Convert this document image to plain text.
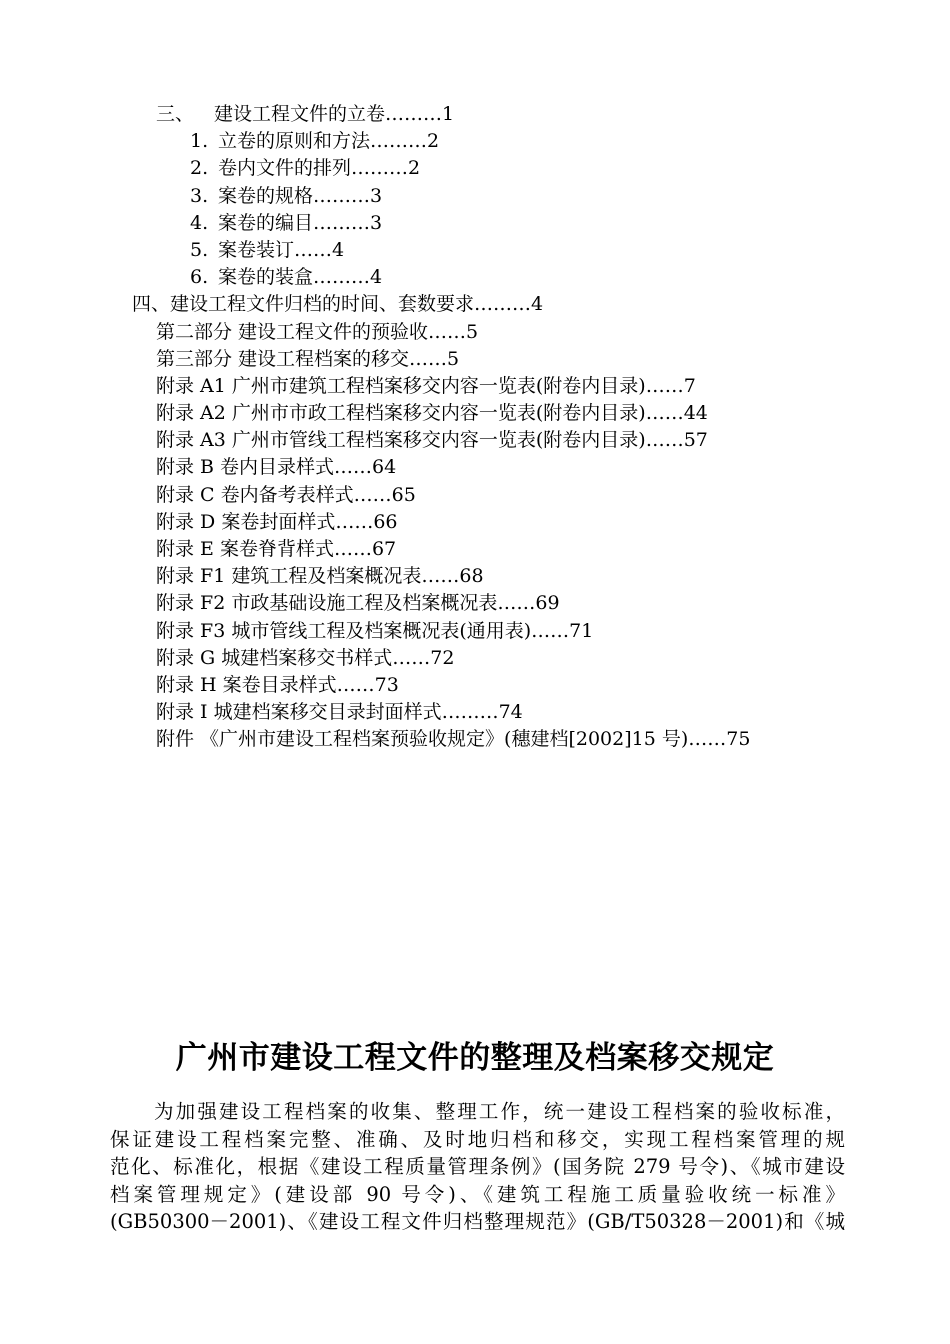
三、 建设工程文件的立卷………1
1. 立卷的原则和方法………2
2. 卷内文件的排列………2
3. 案卷的规格………3
4. 案卷的编目………3
5. 案卷装订……4
6. 案卷的装盒………4
四、建设工程文件归档的时间、套数要求………4
第二部分 建设工程文件的预验收……5
第三部分 建设工程档案的移交……5
附录 A1 广州市建筑工程档案移交内容一览表(附卷内目录)……7
附录 A2 广州市市政工程档案移交内容一览表(附卷内目录)……44
附录 A3 广州市管线工程档案移交内容一览表(附卷内目录)……57
附录 B 卷内目录样式……64
附录 C 卷内备考表样式……65
附录 D 案卷封面样式……66
附录 E 案卷脊背样式……67
附录 F1 建筑工程及档案概况表……68
附录 F2 市政基础设施工程及档案概况表……69
附录 F3 城市管线工程及档案概况表(通用表)……71
附录 G 城建档案移交书样式……72
附录 H 案卷目录样式……73
附录 I 城建档案移交目录封面样式………74
附件 《广州市建设工程档案预验收规定》(穗建档[2002]15 号)……75
广州市建设工程文件的整理及档案移交规定
为加强建设工程档案的收集、整理工作，统一建设工程档案的验收标准，
保证建设工程档案完整、准确、及时地归档和移交，实现工程档案管理的规
范化、标准化，根据《建设工程质量管理条例》(国务院 279 号令)、《城市建设
档案管理规定》(建设部 90 号令)、《建筑工程施工质量验收统一标准》
(GB50300－2001)、《建设工程文件归档整理规范》(GB/T50328－2001)和《城
